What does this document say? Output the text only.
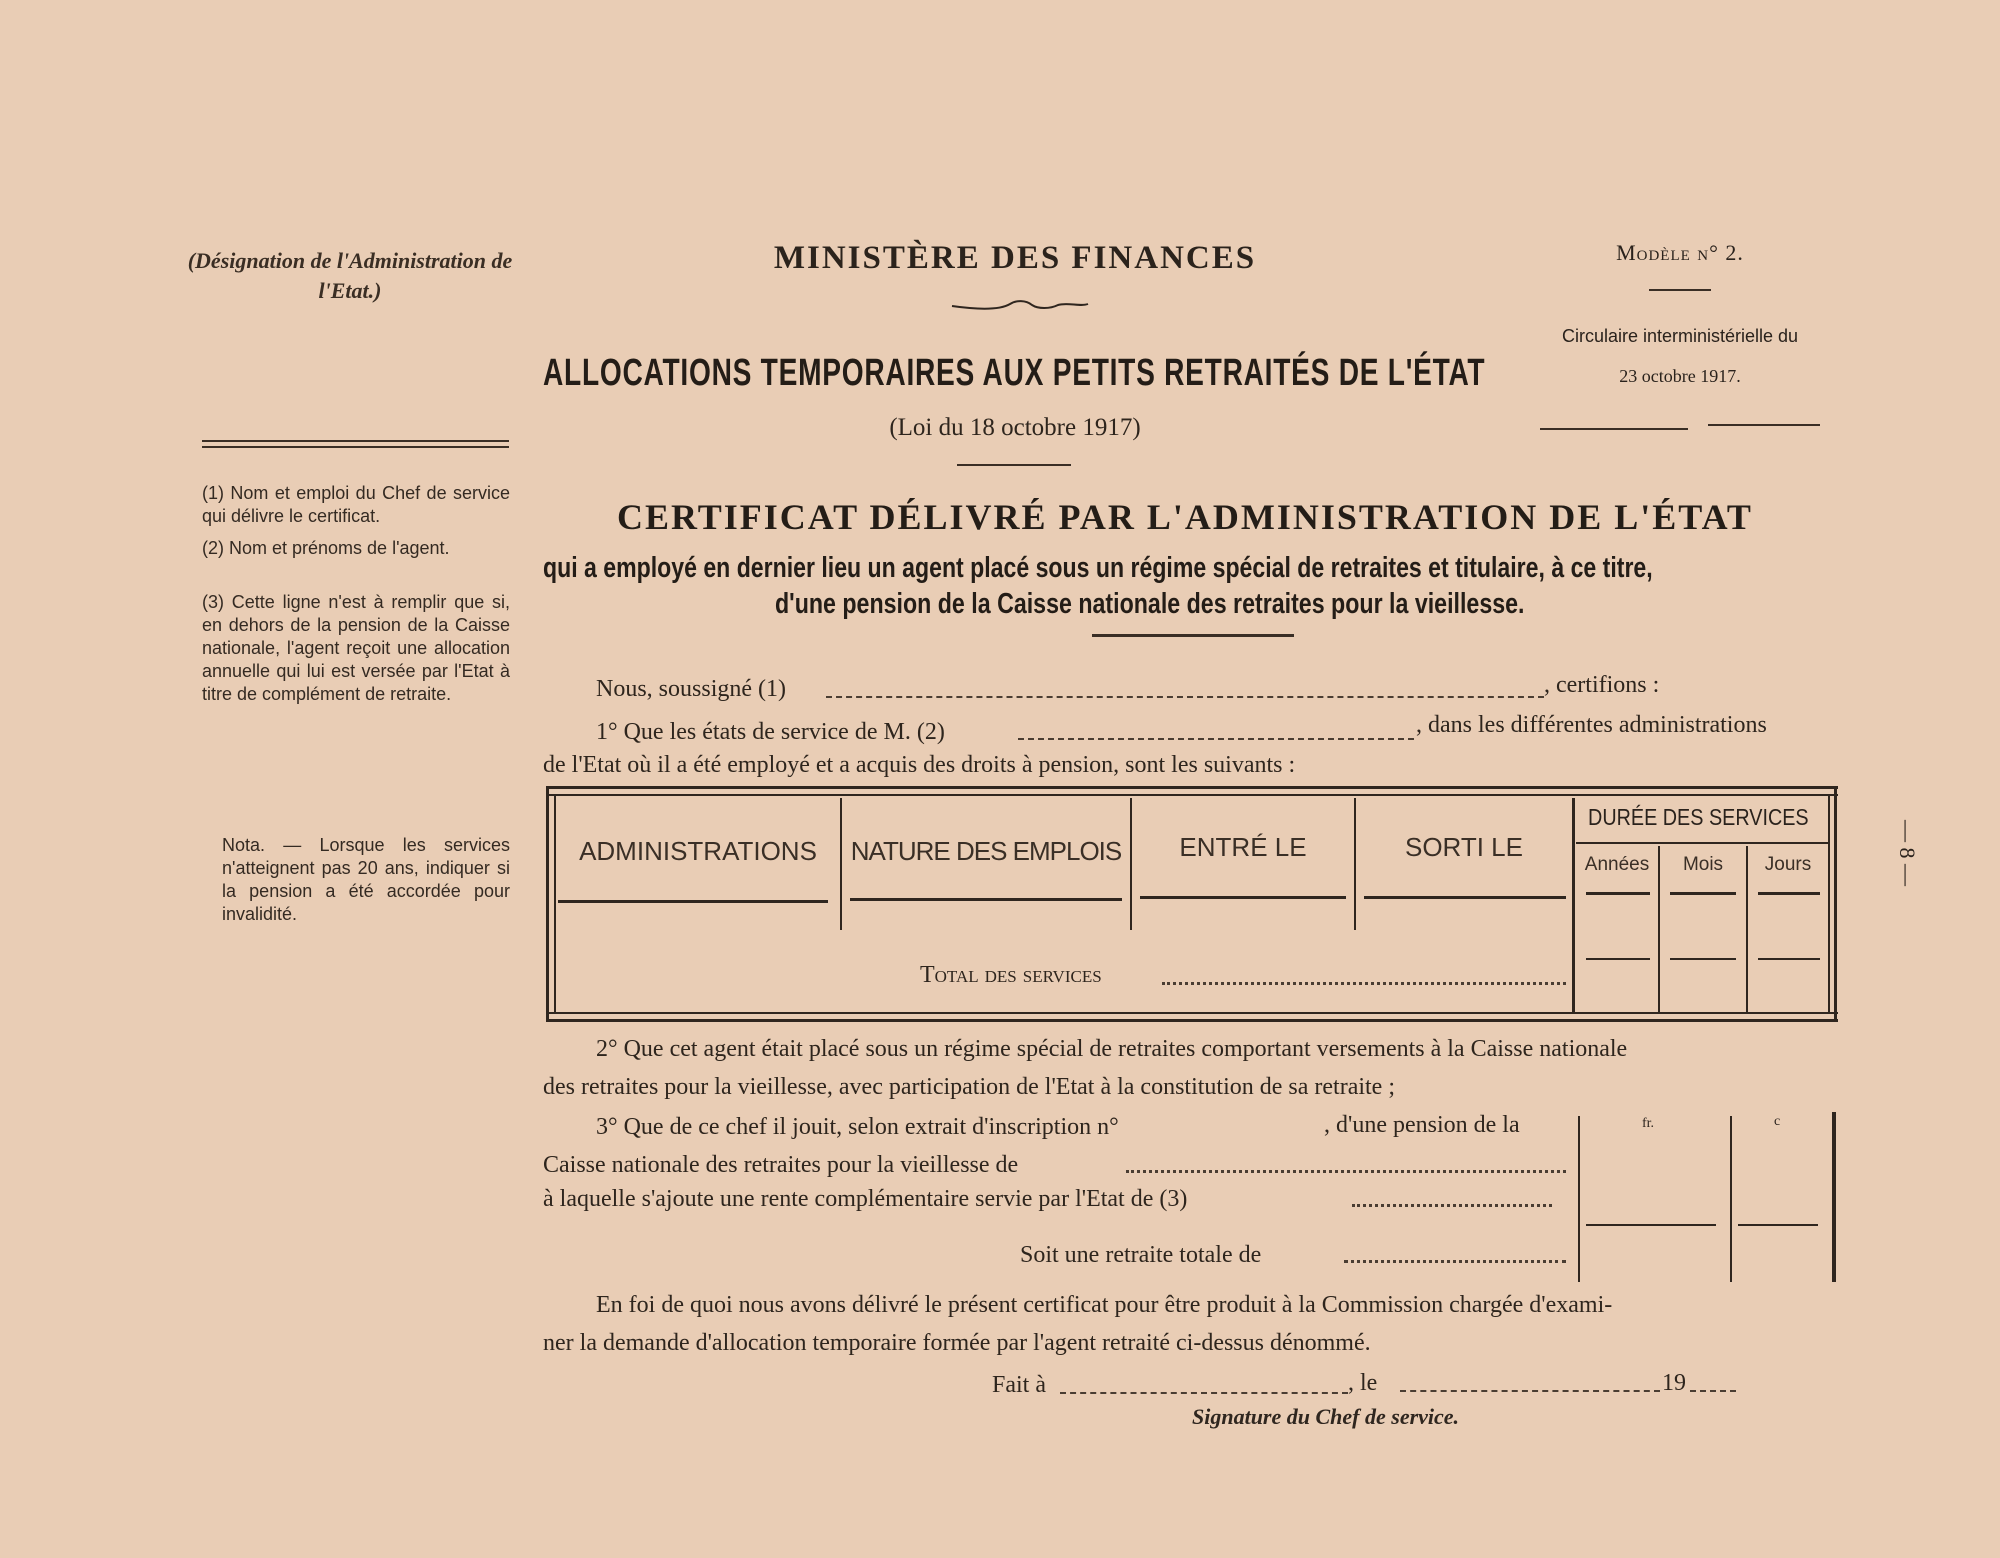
(Désignation de l'Administration de l'Etat.)
(1) Nom et emploi du Chef de service qui délivre le certificat.
(2) Nom et prénoms de l'agent.
(3) Cette ligne n'est à remplir que si, en dehors de la pension de la Caisse nationale, l'agent reçoit une allocation annuelle qui lui est versée par l'Etat à titre de complément de retraite.
Nota. — Lorsque les services n'atteignent pas 20 ans, indiquer si la pension a été accordée pour invalidité.
MINISTÈRE DES FINANCES
ALLOCATIONS TEMPORAIRES AUX PETITS RETRAITÉS DE L'ÉTAT
(Loi du 18 octobre 1917)
Modèle n° 2.
Circulaire interministérielle du
23 octobre 1917.
CERTIFICAT DÉLIVRÉ PAR L'ADMINISTRATION DE L'ÉTAT
qui a employé en dernier lieu un agent placé sous un régime spécial de retraites et titulaire, à ce titre,
d'une pension de la Caisse nationale des retraites pour la vieillesse.
Nous, soussigné (1)	, certifions :
1° Que les états de service de M. (2)	, dans les différentes administrations
de l'Etat où il a été employé et a acquis des droits à pension, sont les suivants :
ADMINISTRATIONS	NATURE DES EMPLOIS	ENTRÉ LE	SORTI LE
DURÉE DES SERVICES
Années	Mois	Jours
Total des services
2° Que cet agent était placé sous un régime spécial de retraites comportant versements à la Caisse nationale
des retraites pour la vieillesse, avec participation de l'Etat à la constitution de sa retraite ;
3° Que de ce chef il jouit, selon extrait d'inscription n°	, d'une pension de la
Caisse nationale des retraites pour la vieillesse de
à laquelle s'ajoute une rente complémentaire servie par l'Etat de (3)
Soit une retraite totale de
fr.	c
En foi de quoi nous avons délivré le présent certificat pour être produit à la Commission chargée d'exami-
ner la demande d'allocation temporaire formée par l'agent retraité ci-dessus dénommé.
Fait à	, le	19
Signature du Chef de service.
— 8 —
